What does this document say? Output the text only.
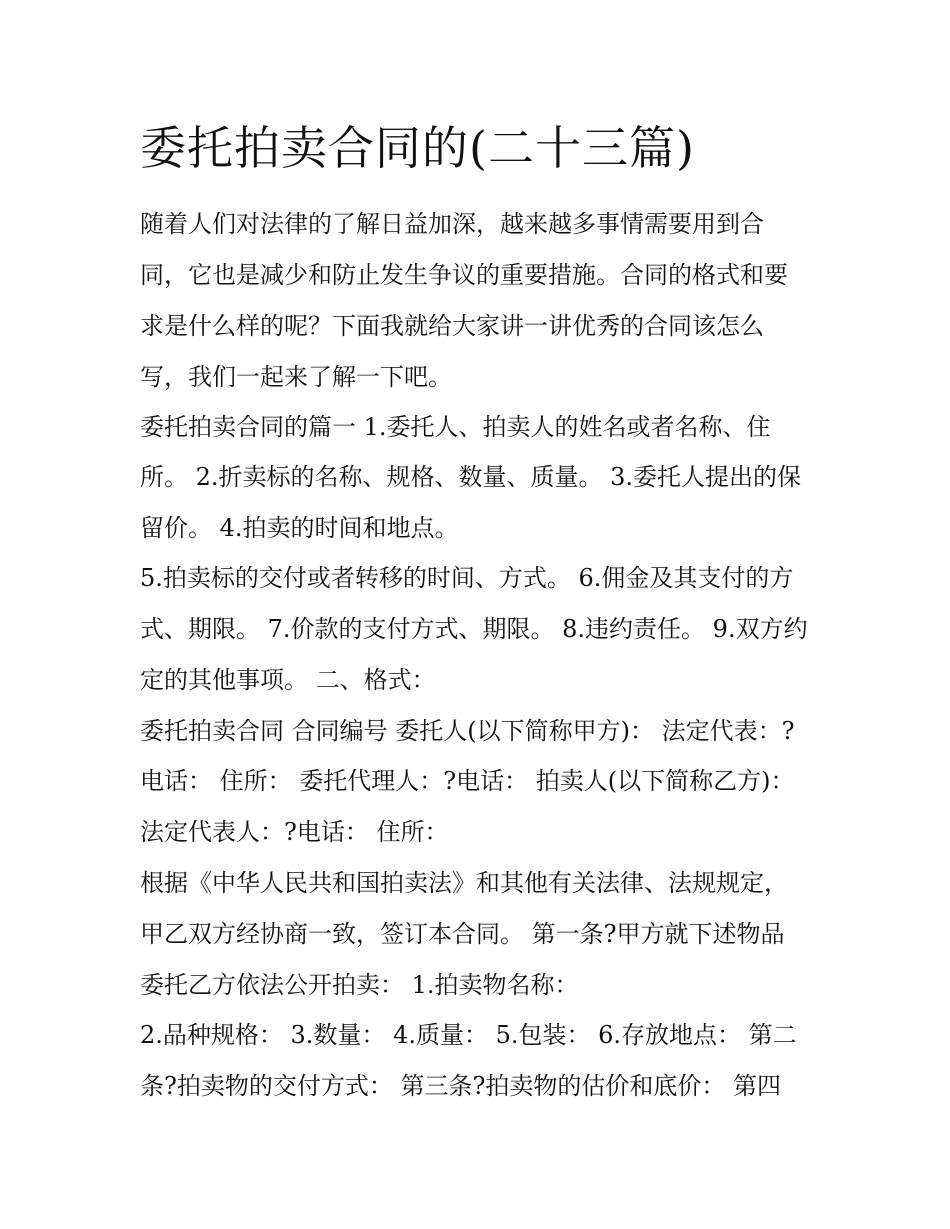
委托拍卖合同的(二十三篇)

随着人们对法律的了解日益加深，越来越多事情需要用到合

同，它也是减少和防止发生争议的重要措施。合同的格式和要

求是什么样的呢？下面我就给大家讲一讲优秀的合同该怎么

写，我们一起来了解一下吧。

委托拍卖合同的篇一 1.委托人、拍卖人的姓名或者名称、住

所。 2.折卖标的名称、规格、数量、质量。 3.委托人提出的保

留价。 4.拍卖的时间和地点。

5.拍卖标的交付或者转移的时间、方式。 6.佣金及其支付的方

式、期限。 7.价款的支付方式、期限。 8.违约责任。 9.双方约

定的其他事项。 二、格式：

委托拍卖合同 合同编号 委托人(以下简称甲方)： 法定代表：?

电话： 住所： 委托代理人：?电话： 拍卖人(以下简称乙方)：

法定代表人：?电话： 住所：

根据《中华人民共和国拍卖法》和其他有关法律、法规规定，

甲乙双方经协商一致，签订本合同。 第一条?甲方就下述物品

委托乙方依法公开拍卖： 1.拍卖物名称：

2.品种规格： 3.数量： 4.质量： 5.包装： 6.存放地点： 第二

条?拍卖物的交付方式： 第三条?拍卖物的估价和底价： 第四
